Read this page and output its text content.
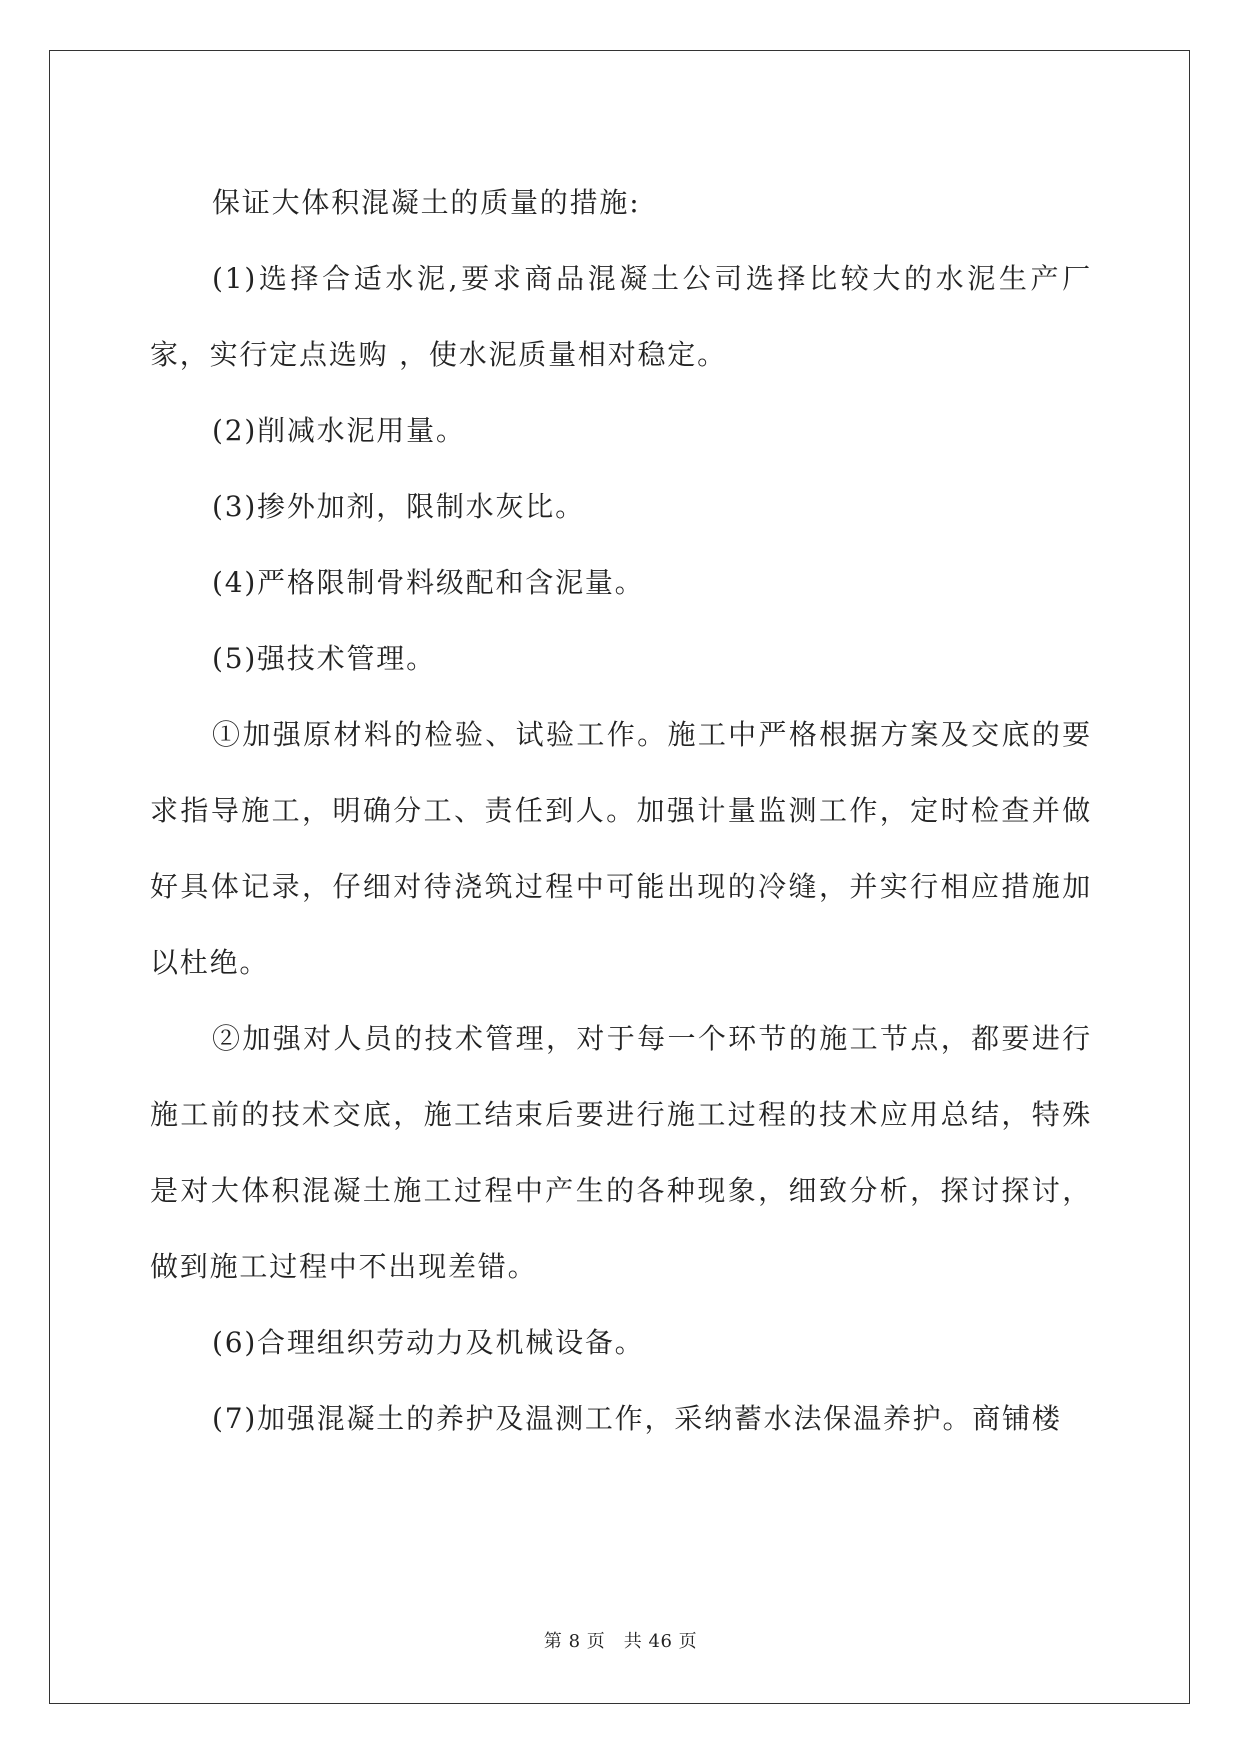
保证大体积混凝土的质量的措施:

(1)选择合适水泥,要求商品混凝土公司选择比较大的水泥生产厂家，实行定点选购 ，使水泥质量相对稳定。

(2)削减水泥用量。

(3)掺外加剂，限制水灰比。

(4)严格限制骨料级配和含泥量。

(5)强技术管理。

①加强原材料的检验、试验工作。施工中严格根据方案及交底的要求指导施工，明确分工、责任到人。加强计量监测工作，定时检查并做好具体记录，仔细对待浇筑过程中可能出现的冷缝，并实行相应措施加以杜绝。

②加强对人员的技术管理，对于每一个环节的施工节点，都要进行施工前的技术交底，施工结束后要进行施工过程的技术应用总结，特殊是对大体积混凝土施工过程中产生的各种现象，细致分析，探讨探讨，做到施工过程中不出现差错。

(6)合理组织劳动力及机械设备。

(7)加强混凝土的养护及温测工作，采纳蓄水法保温养护。商铺楼

第 8 页　共 46 页
